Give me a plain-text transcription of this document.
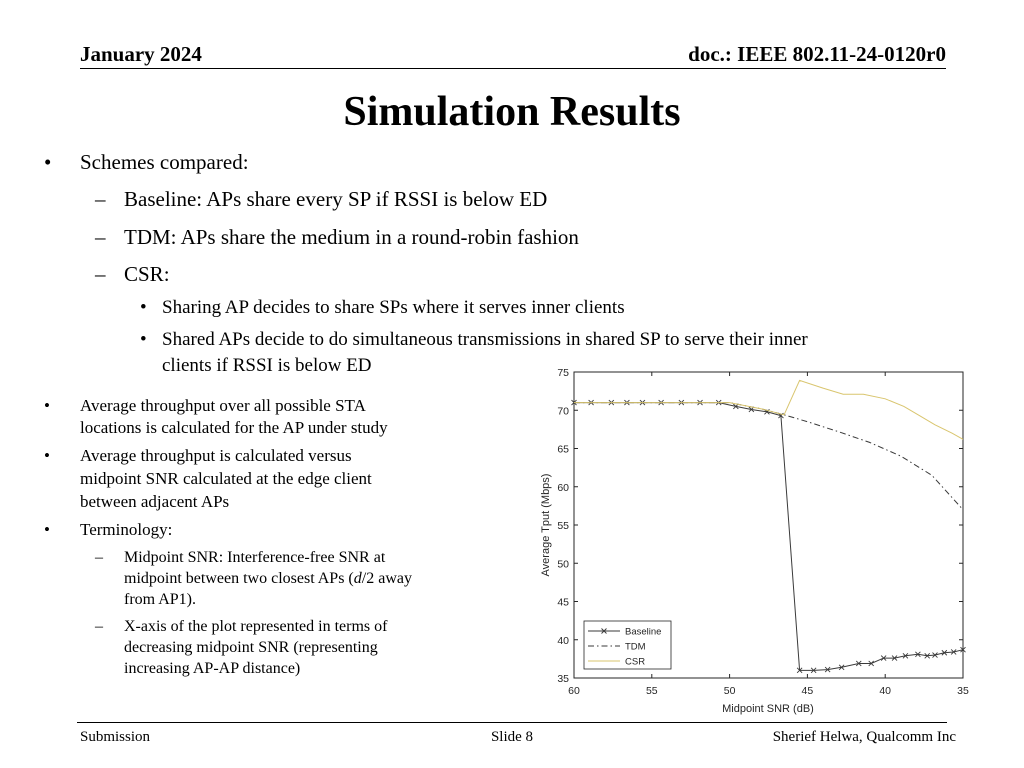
January 2024	doc.: IEEE 802.11-24-0120r0
Simulation Results
• Schemes compared:
– Baseline: APs share every SP if RSSI is below ED
– TDM: APs share the medium in a round-robin fashion
– CSR:
• Sharing AP decides to share SPs where it serves inner clients
• Shared APs decide to do simultaneous transmissions in shared SP to serve their inner
clients if RSSI is below ED
• Average throughput over all possible STA
locations is calculated for the AP under study
• Average throughput is calculated versus
midpoint SNR calculated at the edge client
between adjacent APs
• Terminology:
– Midpoint SNR: Interference-free SNR at
midpoint between two closest APs (d/2 away
from AP1).
– X-axis of the plot represented in terms of
decreasing midpoint SNR (representing
increasing AP-AP distance)
35
40
45
50
55
60
65
70
75
60	55	50	45	40	35
Midpoint SNR (dB)
Average Tput (Mbps)
Baseline
TDM
CSR
Submission	Slide 8	Sherief Helwa, Qualcomm Inc
